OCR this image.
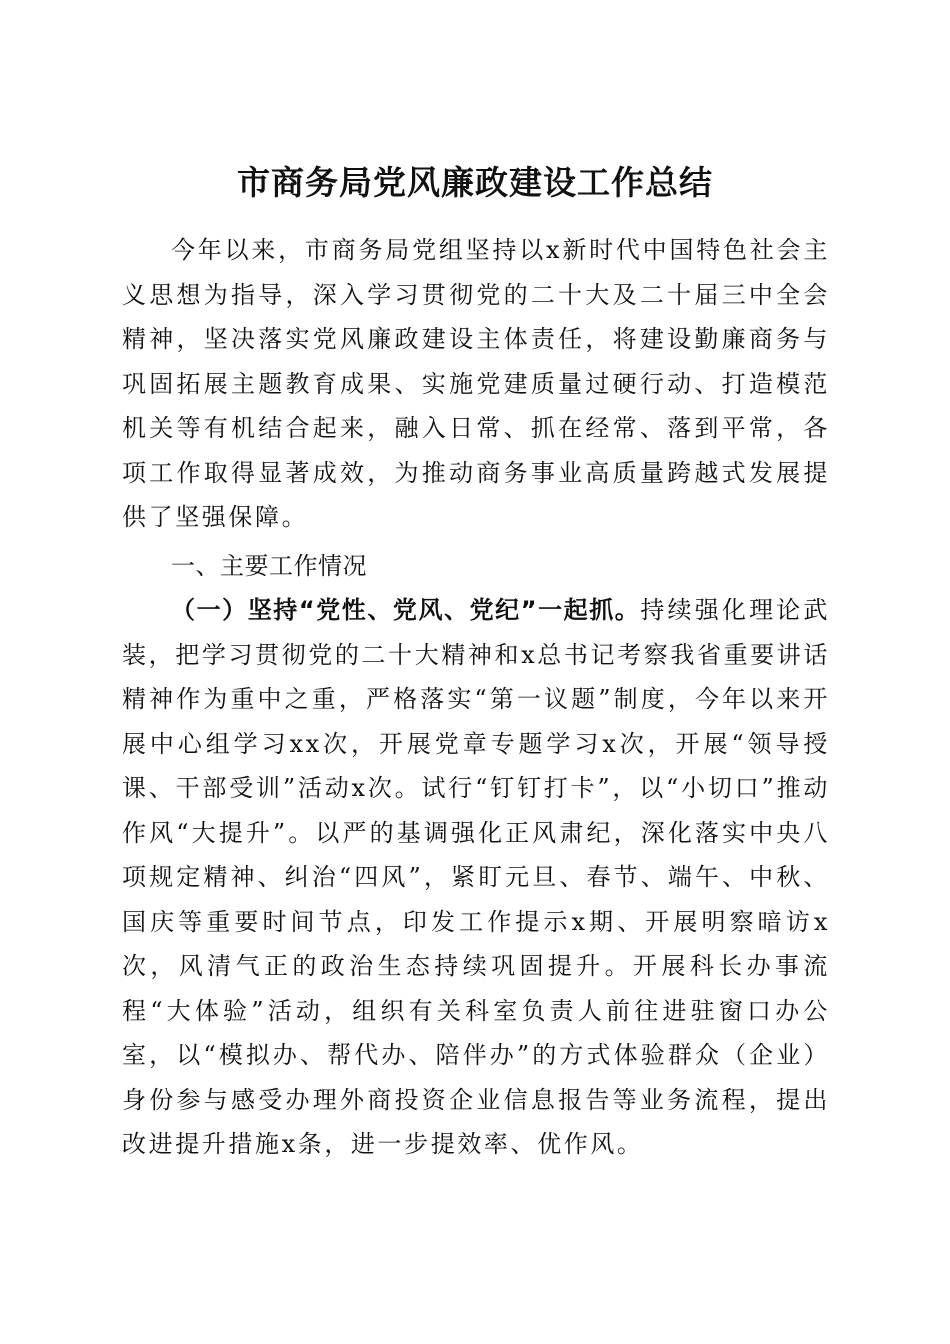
市商务局党风廉政建设工作总结

今年以来，市商务局党组坚持以x新时代中国特色社会主义思想为指导，深入学习贯彻党的二十大及二十届三中全会精神，坚决落实党风廉政建设主体责任，将建设勤廉商务与巩固拓展主题教育成果、实施党建质量过硬行动、打造模范机关等有机结合起来，融入日常、抓在经常、落到平常，各项工作取得显著成效，为推动商务事业高质量跨越式发展提供了坚强保障。

一、主要工作情况

（一）坚持“党性、党风、党纪”一起抓。持续强化理论武装，把学习贯彻党的二十大精神和x总书记考察我省重要讲话精神作为重中之重，严格落实“第一议题”制度，今年以来开展中心组学习xx次，开展党章专题学习x次，开展“领导授课、干部受训”活动x次。试行“钉钉打卡”，以“小切口”推动作风“大提升”。以严的基调强化正风肃纪，深化落实中央八项规定精神、纠治“四风”，紧盯元旦、春节、端午、中秋、国庆等重要时间节点，印发工作提示x期、开展明察暗访x次，风清气正的政治生态持续巩固提升。开展科长办事流程“大体验”活动，组织有关科室负责人前往进驻窗口办公室，以“模拟办、帮代办、陪伴办”的方式体验群众（企业）身份参与感受办理外商投资企业信息报告等业务流程，提出改进提升措施x条，进一步提效率、优作风。
